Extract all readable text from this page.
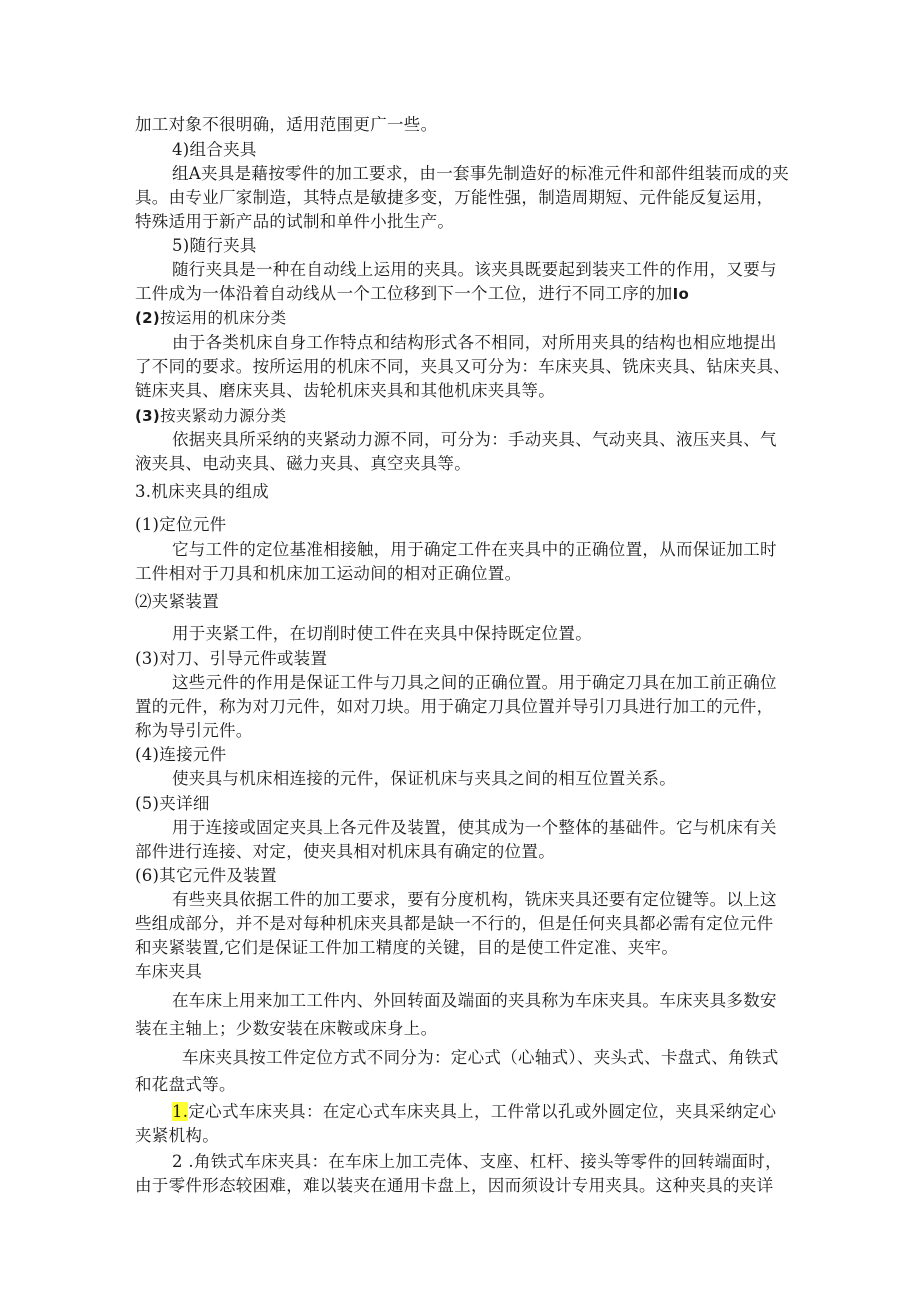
加工对象不很明确，适用范围更广一些。
4)组合夹具
组A夹具是藉按零件的加工要求，由一套事先制造好的标准元件和部件组装而成的夹
具。由专业厂家制造，其特点是敏捷多变，万能性强，制造周期短、元件能反复运用，
特殊适用于新产品的试制和单件小批生产。
5)随行夹具
随行夹具是一种在自动线上运用的夹具。该夹具既要起到装夹工件的作用，又要与
工件成为一体沿着自动线从一个工位移到下一个工位，进行不同工序的加Io
(2)按运用的机床分类
由于各类机床自身工作特点和结构形式各不相同，对所用夹具的结构也相应地提出
了不同的要求。按所运用的机床不同，夹具又可分为：车床夹具、铣床夹具、钻床夹具、
链床夹具、磨床夹具、齿轮机床夹具和其他机床夹具等。
(3)按夹紧动力源分类
依据夹具所采纳的夹紧动力源不同，可分为：手动夹具、气动夹具、液压夹具、气
液夹具、电动夹具、磁力夹具、真空夹具等。
3.机床夹具的组成
(1)定位元件
它与工件的定位基准相接触，用于确定工件在夹具中的正确位置，从而保证加工时
工件相对于刀具和机床加工运动间的相对正确位置。
⑵夹紧装置
用于夹紧工件，在切削时使工件在夹具中保持既定位置。
(3)对刀、引导元件或装置
这些元件的作用是保证工件与刀具之间的正确位置。用于确定刀具在加工前正确位
置的元件，称为对刀元件，如对刀块。用于确定刀具位置并导引刀具进行加工的元件，
称为导引元件。
(4)连接元件
使夹具与机床相连接的元件，保证机床与夹具之间的相互位置关系。
(5)夹详细
用于连接或固定夹具上各元件及装置，使其成为一个整体的基础件。它与机床有关
部件进行连接、对定，使夹具相对机床具有确定的位置。
(6)其它元件及装置
有些夹具依据工件的加工要求，要有分度机构，铣床夹具还要有定位键等。以上这
些组成部分，并不是对每种机床夹具都是缺一不行的，但是任何夹具都必需有定位元件
和夹紧装置,它们是保证工件加工精度的关键，目的是使工件定准、夹牢。
车床夹具
在车床上用来加工工件内、外回转面及端面的夹具称为车床夹具。车床夹具多数安
装在主轴上；少数安装在床鞍或床身上。
车床夹具按工件定位方式不同分为：定心式（心轴式）、夹头式、卡盘式、角铁式
和花盘式等。
1.定心式车床夹具：在定心式车床夹具上，工件常以孔或外圆定位，夹具采纳定心
夹紧机构。
2 .角铁式车床夹具：在车床上加工壳体、支座、杠杆、接头等零件的回转端面时，
由于零件形态较困难，难以装夹在通用卡盘上，因而须设计专用夹具。这种夹具的夹详
